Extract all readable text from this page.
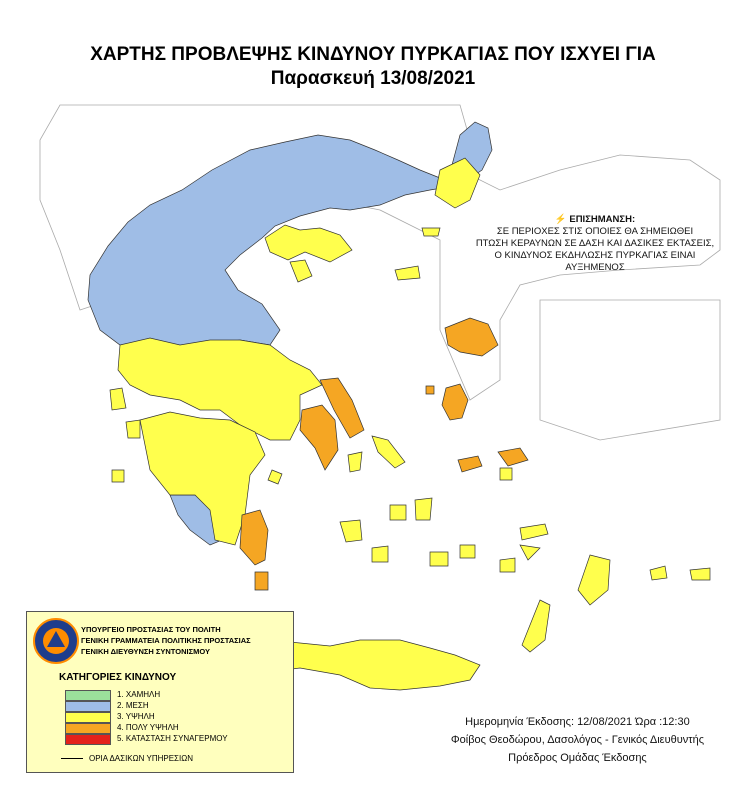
ΧΑΡΤΗΣ ΠΡΟΒΛΕΨΗΣ ΚΙΝΔΥΝΟΥ ΠΥΡΚΑΓΙΑΣ ΠΟΥ ΙΣΧΥΕΙ ΓΙΑ
Παρασκευή 13/08/2021
⚡ ΕΠΙΣΗΜΑΝΣΗ:
ΣΕ ΠΕΡΙΟΧΕΣ ΣΤΙΣ ΟΠΟΙΕΣ ΘΑ ΣΗΜΕΙΩΘΕΙ
ΠΤΩΣΗ ΚΕΡΑΥΝΩΝ ΣΕ ΔΑΣΗ ΚΑΙ ΔΑΣΙΚΕΣ ΕΚΤΑΣΕΙΣ,
Ο ΚΙΝΔΥΝΟΣ ΕΚΔΗΛΩΣΗΣ ΠΥΡΚΑΓΙΑΣ ΕΙΝΑΙ ΑΥΞΗΜΕΝΟΣ
ΥΠΟΥΡΓΕΙΟ ΠΡΟΣΤΑΣΙΑΣ ΤΟΥ ΠΟΛΙΤΗ
ΓΕΝΙΚΗ ΓΡΑΜΜΑΤΕΙΑ ΠΟΛΙΤΙΚΗΣ ΠΡΟΣΤΑΣΙΑΣ
ΓΕΝΙΚΗ ΔΙΕΥΘΥΝΣΗ ΣΥΝΤΟΝΙΣΜΟΥ
ΚΑΤΗΓΟΡΙΕΣ ΚΙΝΔΥΝΟΥ
1. ΧΑΜΗΛΗ
2. ΜΕΣΗ
3. ΥΨΗΛΗ
4. ΠΟΛΥ ΥΨΗΛΗ
5. ΚΑΤΑΣΤΑΣΗ ΣΥΝΑΓΕΡΜΟΥ
ΟΡΙΑ ΔΑΣΙΚΩΝ ΥΠΗΡΕΣΙΩΝ
Ημερομηνία Έκδοσης: 12/08/2021 Ώρα :12:30
Φοίβος Θεοδώρου, Δασολόγος - Γενικός Διευθυντής
Πρόεδρος Ομάδας Έκδοσης
